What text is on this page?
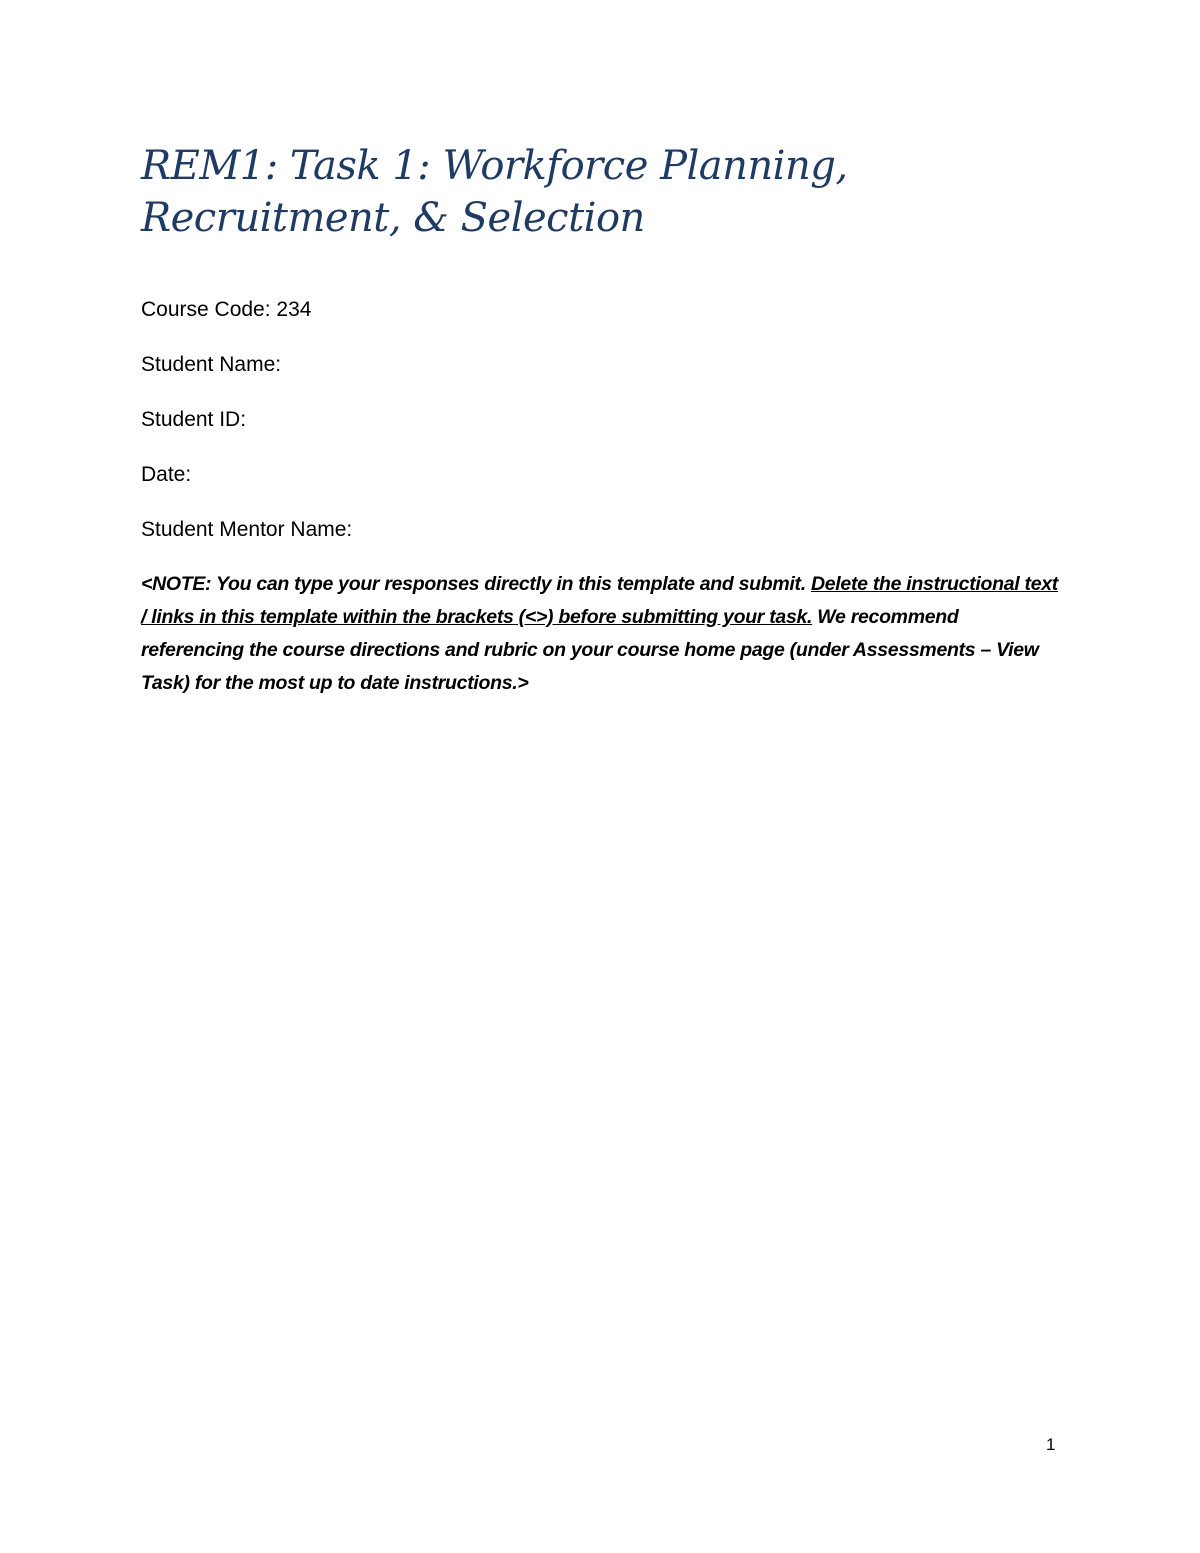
REM1: Task 1: Workforce Planning, Recruitment, & Selection

Course Code: 234

Student Name:

Student ID:

Date:

Student Mentor Name:

<NOTE: You can type your responses directly in this template and submit. Delete the instructional text / links in this template within the brackets (<>) before submitting your task. We recommend referencing the course directions and rubric on your course home page (under Assessments – View Task) for the most up to date instructions.>

1
